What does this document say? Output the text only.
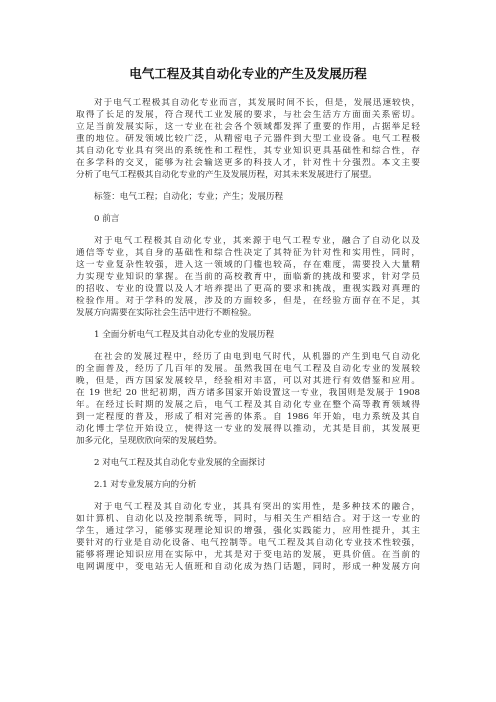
电气工程及其自动化专业的产生及发展历程
对于电气工程极其自动化专业而言，其发展时间不长，但是，发展迅速较快，
取得了长足的发展，符合现代工业发展的要求，与社会生活方方面面关系密切。
立足当前发展实际，这一专业在社会各个领域都发挥了重要的作用，占据举足轻
重的地位。研发领域比较广泛，从精密电子元器件到大型工业设备。电气工程极
其自动化专业具有突出的系统性和工程性，其专业知识更具基础性和综合性，存
在多学科的交叉，能够为社会输送更多的科技人才，针对性十分强烈。本文主要
分析了电气工程极其自动化专业的产生及发展历程，对其未来发展进行了展望。
标签：电气工程；自动化；专业；产生；发展历程
0 前言
对于电气工程极其自动化专业，其来源于电气工程专业，融合了自动化以及
通信等专业，其自身的基础性和综合性决定了其特征为针对性和实用性，同时，
这一专业复杂性较强，进入这一领域的门槛也较高，存在难度，需要投入大量精
力实现专业知识的掌握。在当前的高校教育中，面临新的挑战和要求，针对学员
的招收、专业的设置以及人才培养提出了更高的要求和挑战，重视实践对真理的
检验作用。对于学科的发展，涉及的方面较多，但是，在经验方面存在不足，其
发展方向需要在实际社会生活中进行不断检验。
1 全面分析电气工程及其自动化专业的发展历程
在社会的发展过程中，经历了由电到电气时代，从机器的产生到电气自动化
的全面普及，经历了几百年的发展。虽然我国在电气工程及自动化专业的发展较
晚，但是，西方国家发展较早，经验相对丰富，可以对其进行有效借鉴和应用。
在 19 世纪 20 世纪初期，西方诸多国家开始设置这一专业，我国则是发展于 1908
年。在经过长时期的发展之后，电气工程及其自动化专业在整个高等教育领域得
到一定程度的普及，形成了相对完善的体系。自 1986 年开始，电力系统及其自
动化博士学位开始设立，使得这一专业的发展得以推动，尤其是目前，其发展更
加多元化，呈现欣欣向荣的发展趋势。
2 对电气工程及其自动化专业发展的全面探讨
2.1 对专业发展方向的分析
对于电气工程及其自动化专业，其具有突出的实用性，是多种技术的融合，
如计算机、自动化以及控制系统等，同时，与相关生产相结合。对于这一专业的
学生，通过学习，能够实现理论知识的增强，强化实践能力，应用性提升，其主
要针对的行业是自动化设备、电气控制等。电气工程及其自动化专业技术性较强，
能够将理论知识应用在实际中，尤其是对于变电站的发展，更具价值。在当前的
电网调度中，变电站无人值班和自动化成为热门话题，同时，形成一种发展方向
